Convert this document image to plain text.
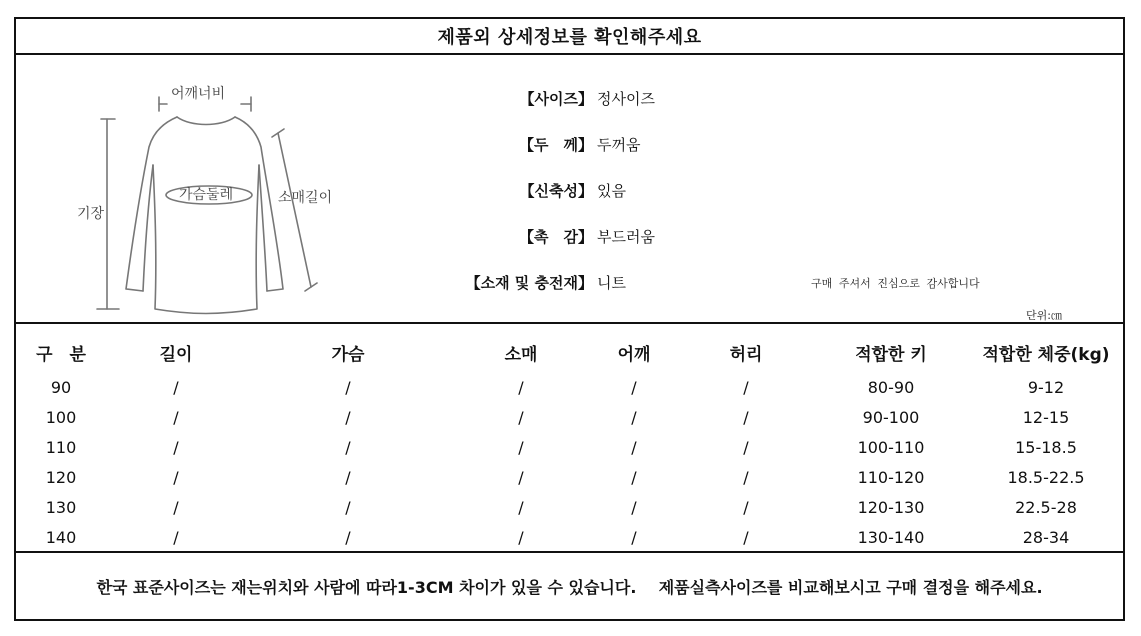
제품외 상세정보를 확인해주세요
어깨너비
가슴둘레
기장
소매길이
【사이즈】 정사이즈
【두　께】 두꺼움
【신축성】 있음
【촉　감】 부드러움
【소재 및 충전재】 니트	구매 주셔서 진심으로 감사합니다
단위:㎝
구　분	길이	가슴	소매	어깨	허리	적합한 키	적합한 체중(kg)
90	/	/	/	/	/	80-90	9-12
100	/	/	/	/	/	90-100	12-15
110	/	/	/	/	/	100-110	15-18.5
120	/	/	/	/	/	110-120	18.5-22.5
130	/	/	/	/	/	120-130	22.5-28
140	/	/	/	/	/	130-140	28-34
한국 표준사이즈는 재는위치와 사람에 따라1-3CM 차이가 있을 수 있습니다.
제품실측사이즈를 비교해보시고 구매 결정을 해주세요.
